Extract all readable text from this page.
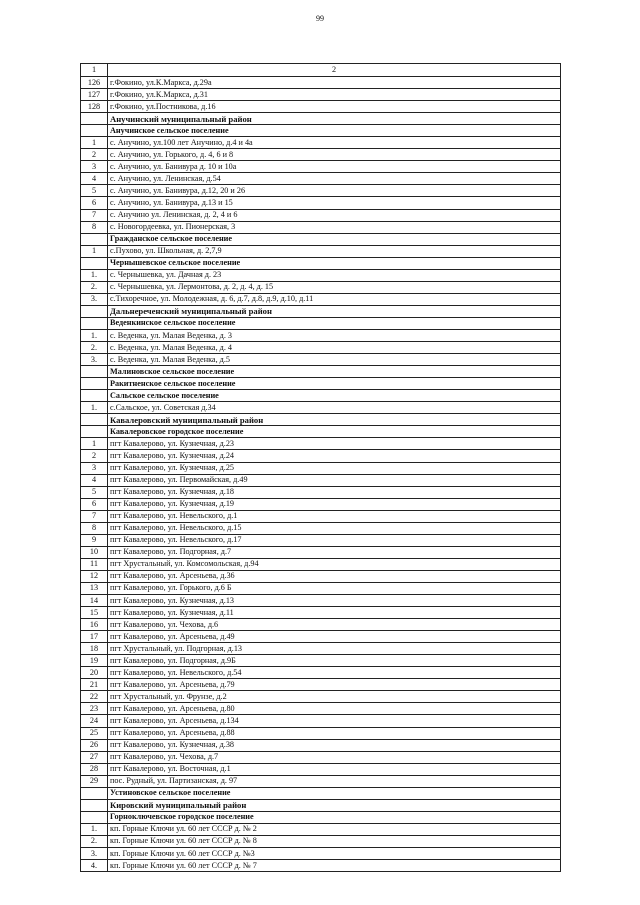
99
1	2
126	г.Фокино, ул.К.Маркса, д.29а
127	г.Фокино, ул.К.Маркса, д.31
128	г.Фокино, ул.Постникова, д.16
	Анучинский муниципальный район
	Анучинское сельское поселение
1	с. Анучино, ул.100 лет Анучино, д.4 и 4а
2	с. Анучино, ул. Горького, д. 4, 6 и 8
3	с. Анучино, ул. Банивура д. 10 и 10а
4	с. Анучино, ул. Ленинская, д.54
5	с. Анучино, ул. Банивура, д.12, 20 и 26
6	с. Анучино, ул. Банивура, д.13 и 15
7	с. Анучино ул. Ленинская, д. 2, 4 и 6
8	с. Новогордеевка, ул. Пионерская, 3
	Гражданское сельское поселение
1	с.Пухово, ул. Школьная, д. 2,7,9
	Чернышевское сельское поселение
1.	с. Чернышевка, ул. Дачная д. 23
2.	с. Чернышевка, ул. Лермонтова, д. 2, д. 4, д. 15
3.	с.Тихоречное, ул. Молодежная, д. 6, д.7, д.8, д.9, д.10, д.11
	Дальнереченский муниципальный район
	Веденкинское сельское поселение
1.	с. Веденка, ул. Малая Веденка, д. 3
2.	с. Веденка, ул. Малая Веденка, д. 4
3.	с. Веденка, ул. Малая Веденка, д.5
	Малиновское сельское поселение
	Ракитненское сельское поселение
	Сальское сельское поселение
1.	с.Сальское, ул. Советская д.34
	Кавалеровский муниципальный район
	Кавалеровское городское поселение
1	пгт Кавалерово, ул. Кузнечная, д.23
2	пгт Кавалерово, ул. Кузнечная, д.24
3	пгт Кавалерово, ул. Кузнечная, д.25
4	пгт Кавалерово, ул. Первомайская, д.49
5	пгт Кавалерово, ул. Кузнечная, д.18
6	пгт Кавалерово, ул. Кузнечная, д.19
7	пгт Кавалерово, ул. Невельского, д.1
8	пгт Кавалерово, ул. Невельского, д.15
9	пгт Кавалерово, ул. Невельского, д.17
10	пгт Кавалерово, ул. Подгорная, д.7
11	пгт Хрустальный, ул. Комсомольская, д.94
12	пгт Кавалерово, ул. Арсеньева, д.36
13	пгт Кавалерово, ул. Горького, д.6 Б
14	пгт Кавалерово, ул. Кузнечная, д.13
15	пгт Кавалерово, ул. Кузнечная, д.11
16	пгт Кавалерово, ул. Чехова, д.6
17	пгт Кавалерово, ул. Арсеньева, д.49
18	пгт Хрустальный, ул. Подгорная, д.13
19	пгт Кавалерово, ул. Подгорная, д.9Б
20	пгт Кавалерово, ул. Невельского, д.54
21	пгт Кавалерово, ул. Арсеньева, д.79
22	пгт Хрустальный, ул. Фрунзе, д.2
23	пгт Кавалерово, ул. Арсеньева, д.80
24	пгт Кавалерово, ул. Арсеньева, д.134
25	пгт Кавалерово, ул. Арсеньева, д.88
26	пгт Кавалерово, ул. Кузнечная, д.38
27	пгт Кавалерово, ул. Чехова, д.7
28	пгт Кавалерово, ул. Восточная, д.1
29	пос. Рудный, ул. Партизанская, д. 97
	Устиновское сельское поселение
	Кировский муниципальный район
	Горноключевское городское поселение
1.	кп. Горные Ключи ул. 60 лет СССР д. № 2
2.	кп. Горные Ключи ул. 60 лет СССР д. № 8
3.	кп. Горные Ключи ул. 60 лет СССР д. №3
4.	кп. Горные Ключи ул. 60 лет СССР д. № 7
